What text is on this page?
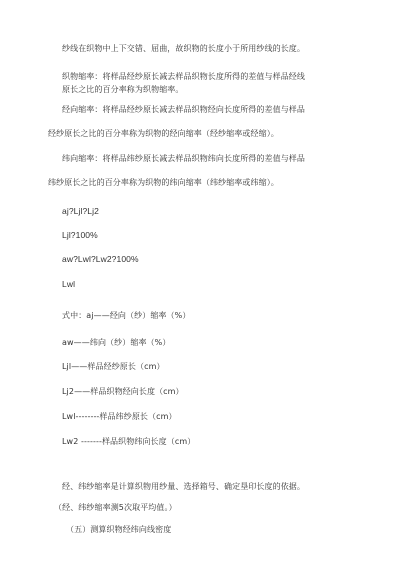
纱线在织物中上下交错、屈曲，故织物的长度小于所用纱线的长度。
织物缩率：将样品经纱原长减去样品织物长度所得的差值与样品经线
原长之比的百分率称为织物缩率。
经向缩率：将样品经纱原长减去样品织物经向长度所得的差值与样品
经纱原长之比的百分率称为织物的经向缩率（经纱缩率或经缩）。
纬向缩率：将样品纬纱原长减去样品织物纬向长度所得的差值与样品
纬纱原长之比的百分率称为织物的纬向缩率（纬纱缩率或纬缩）。
aj?Ljl?Lj2
Ljl?100%
aw?Lwl?Lw2?100%
Lwl
式中：aj——经向（纱）缩率（%）
aw——纬向（纱）缩率（%）
Ljl——样品经纱原长（cm）
Lj2——样品织物经向长度（cm）
Lwl--------样品纬纱原长（cm）
Lw2 -------样品织物纬向长度（cm）
经、纬纱缩率是计算织物用纱量、选择箱号、确定垦印长度的依据。
（经、纬纱缩率测5次取平均值。）
（五）测算织物经纬向线密度
